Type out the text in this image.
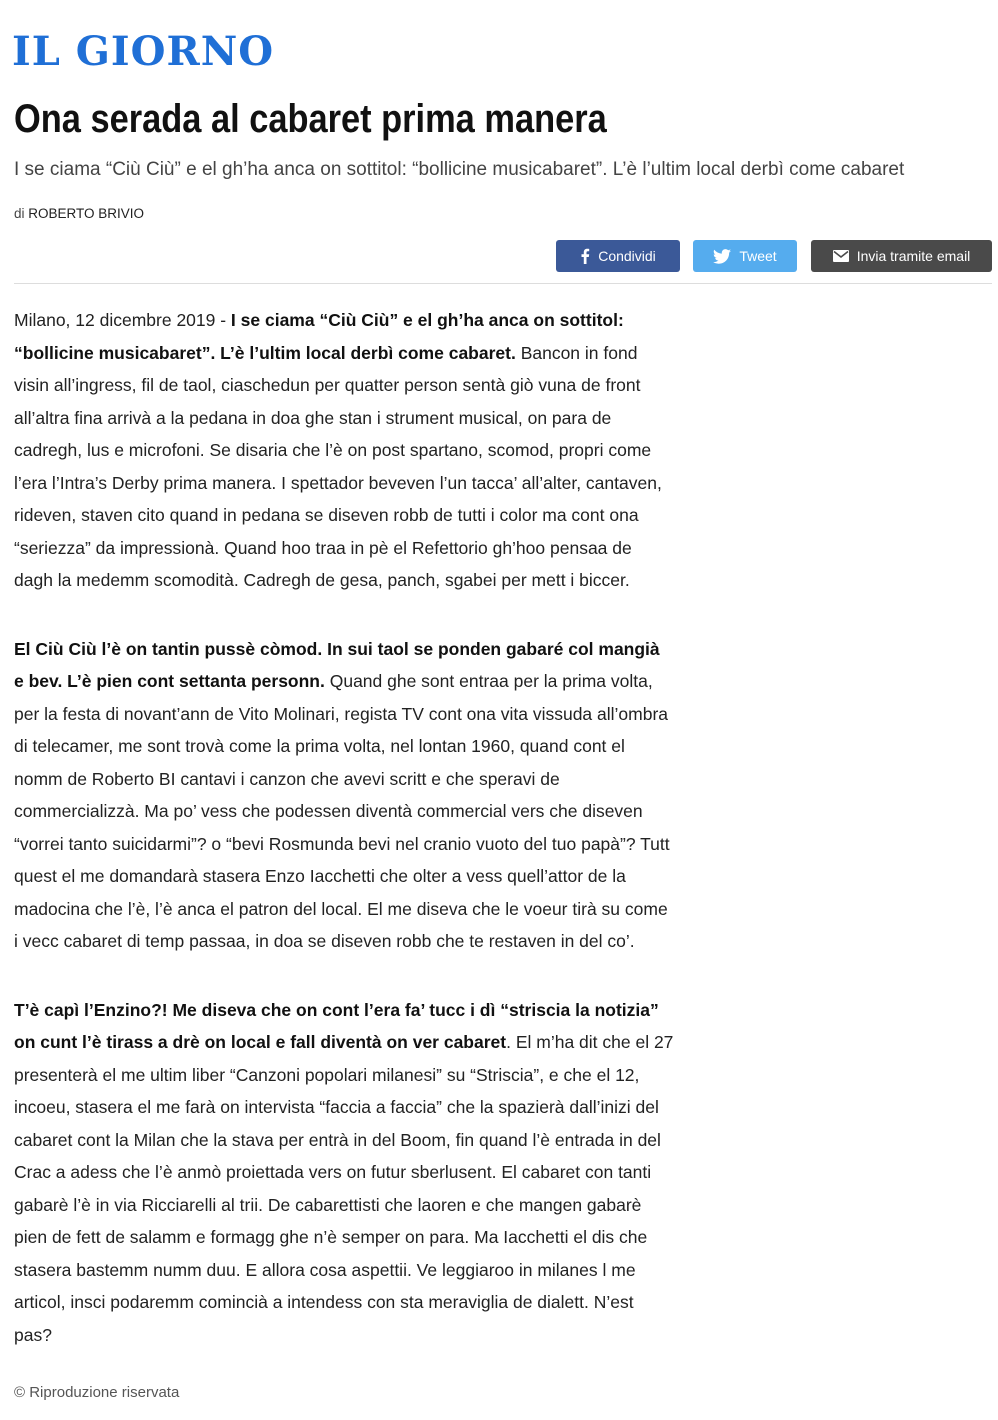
IL GIORNO
Ona serada al cabaret prima manera

I se ciama “Ciù Ciù” e el gh’ha anca on sottitol: “bollicine musicabaret”. L’è l’ultim local derbì come cabaret

di ROBERTO BRIVIO
Condividi	Tweet	Invia tramite email

Milano, 12 dicembre 2019 - I se ciama “Ciù Ciù” e el gh’ha anca on sottitol: “bollicine musicabaret”. L’è l’ultim local derbì come cabaret. Bancon in fond visin all’ingress, fil de taol, ciaschedun per quatter person sentà giò vuna de front all’altra fina arrivà a la pedana in doa ghe stan i strument musical, on para de cadregh, lus e microfoni. Se disaria che l’è on post spartano, scomod, propri come l’era l’Intra’s Derby prima manera. I spettador beveven l’un tacca’ all’alter, cantaven, rideven, staven cito quand in pedana se diseven robb de tutti i color ma cont ona “seriezza” da impressionà. Quand hoo traa in pè el Refettorio gh’hoo pensaa de dagh la medemm scomodità. Cadregh de gesa, panch, sgabei per mett i biccer.

El Ciù Ciù l’è on tantin pussè còmod. In sui taol se ponden gabaré col mangià e bev. L’è pien cont settanta personn. Quand ghe sont entraa per la prima volta, per la festa di novant’ann de Vito Molinari, regista TV cont ona vita vissuda all’ombra di telecamer, me sont trovà come la prima volta, nel lontan 1960, quand cont el nomm de Roberto BI cantavi i canzon che avevi scritt e che speravi de commercializzà. Ma po’ vess che podessen diventà commercial vers che diseven “vorrei tanto suicidarmi”? o “bevi Rosmunda bevi nel cranio vuoto del tuo papà”? Tutt quest el me domandarà stasera Enzo Iacchetti che olter a vess quell’attor de la madocina che l’è, l’è anca el patron del local. El me diseva che le voeur tirà su come i vecc cabaret di temp passaa, in doa se diseven robb che te restaven in del co’.

T’è capì l’Enzino?! Me diseva che on cont l’era fa’ tucc i dì “striscia la notizia” on cunt l’è tirass a drè on local e fall diventà on ver cabaret. El m’ha dit che el 27 presenterà el me ultim liber “Canzoni popolari milanesi” su “Striscia”, e che el 12, incoeu, stasera el me farà on intervista “faccia a faccia” che la spazierà dall’inizi del cabaret cont la Milan che la stava per entrà in del Boom, fin quand l’è entrada in del Crac a adess che l’è anmò proiettada vers on futur sberlusent. El cabaret con tanti gabarè l’è in via Ricciarelli al trii. De cabarettisti che laoren e che mangen gabarè pien de fett de salamm e formagg ghe n’è semper on para. Ma Iacchetti el dis che stasera bastemm numm duu. E allora cosa aspettii. Ve leggiaroo in milanes l me articol, insci podaremm comincià a intendess con sta meraviglia de dialett. N’est pas?

© Riproduzione riservata
